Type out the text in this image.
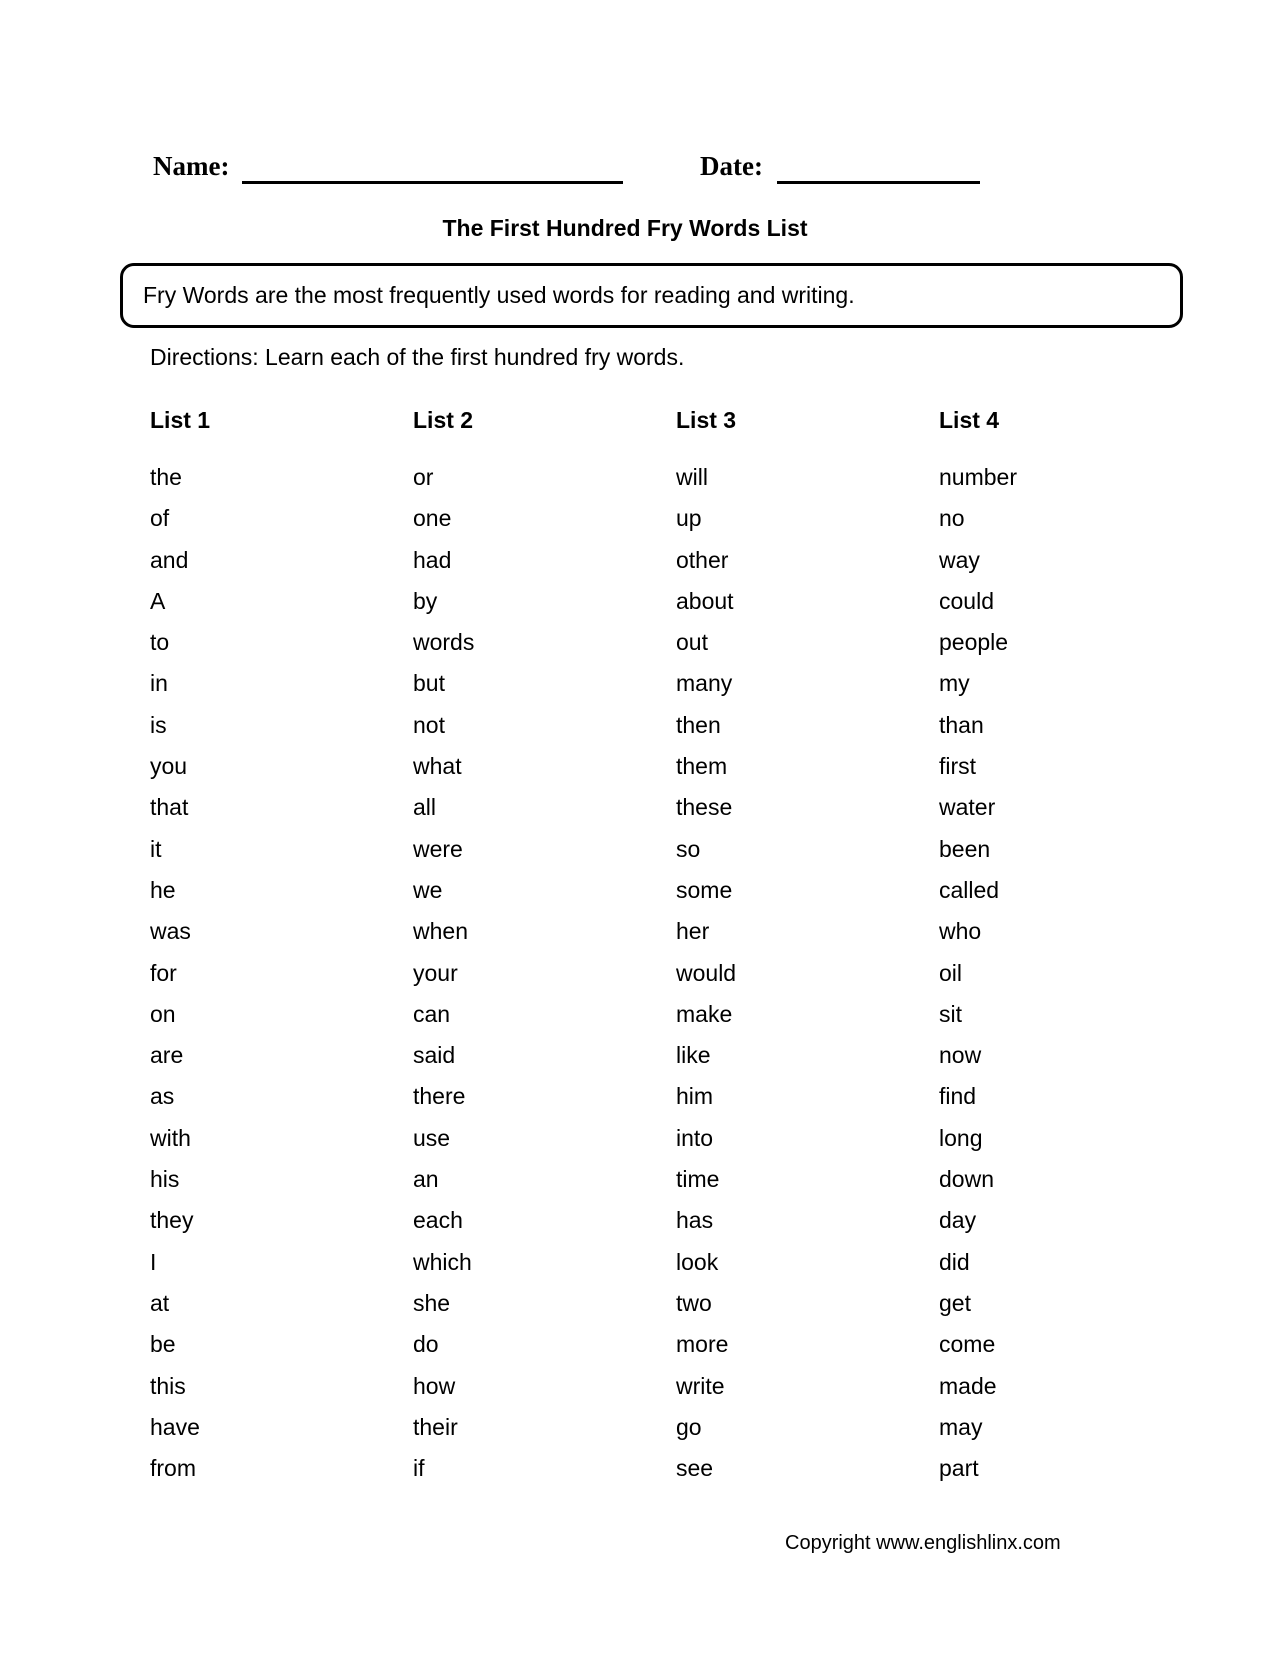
Name:	Date:
The First Hundred Fry Words List
Fry Words are the most frequently used words for reading and writing.
Directions: Learn each of the first hundred fry words.
List 1
the
of
and
A
to
in
is
you
that
it
he
was
for
on
are
as
with
his
they
I
at
be
this
have
from
List 2
or
one
had
by
words
but
not
what
all
were
we
when
your
can
said
there
use
an
each
which
she
do
how
their
if
List 3
will
up
other
about
out
many
then
them
these
so
some
her
would
make
like
him
into
time
has
look
two
more
write
go
see
List 4
number
no
way
could
people
my
than
first
water
been
called
who
oil
sit
now
find
long
down
day
did
get
come
made
may
part
Copyright www.englishlinx.com
